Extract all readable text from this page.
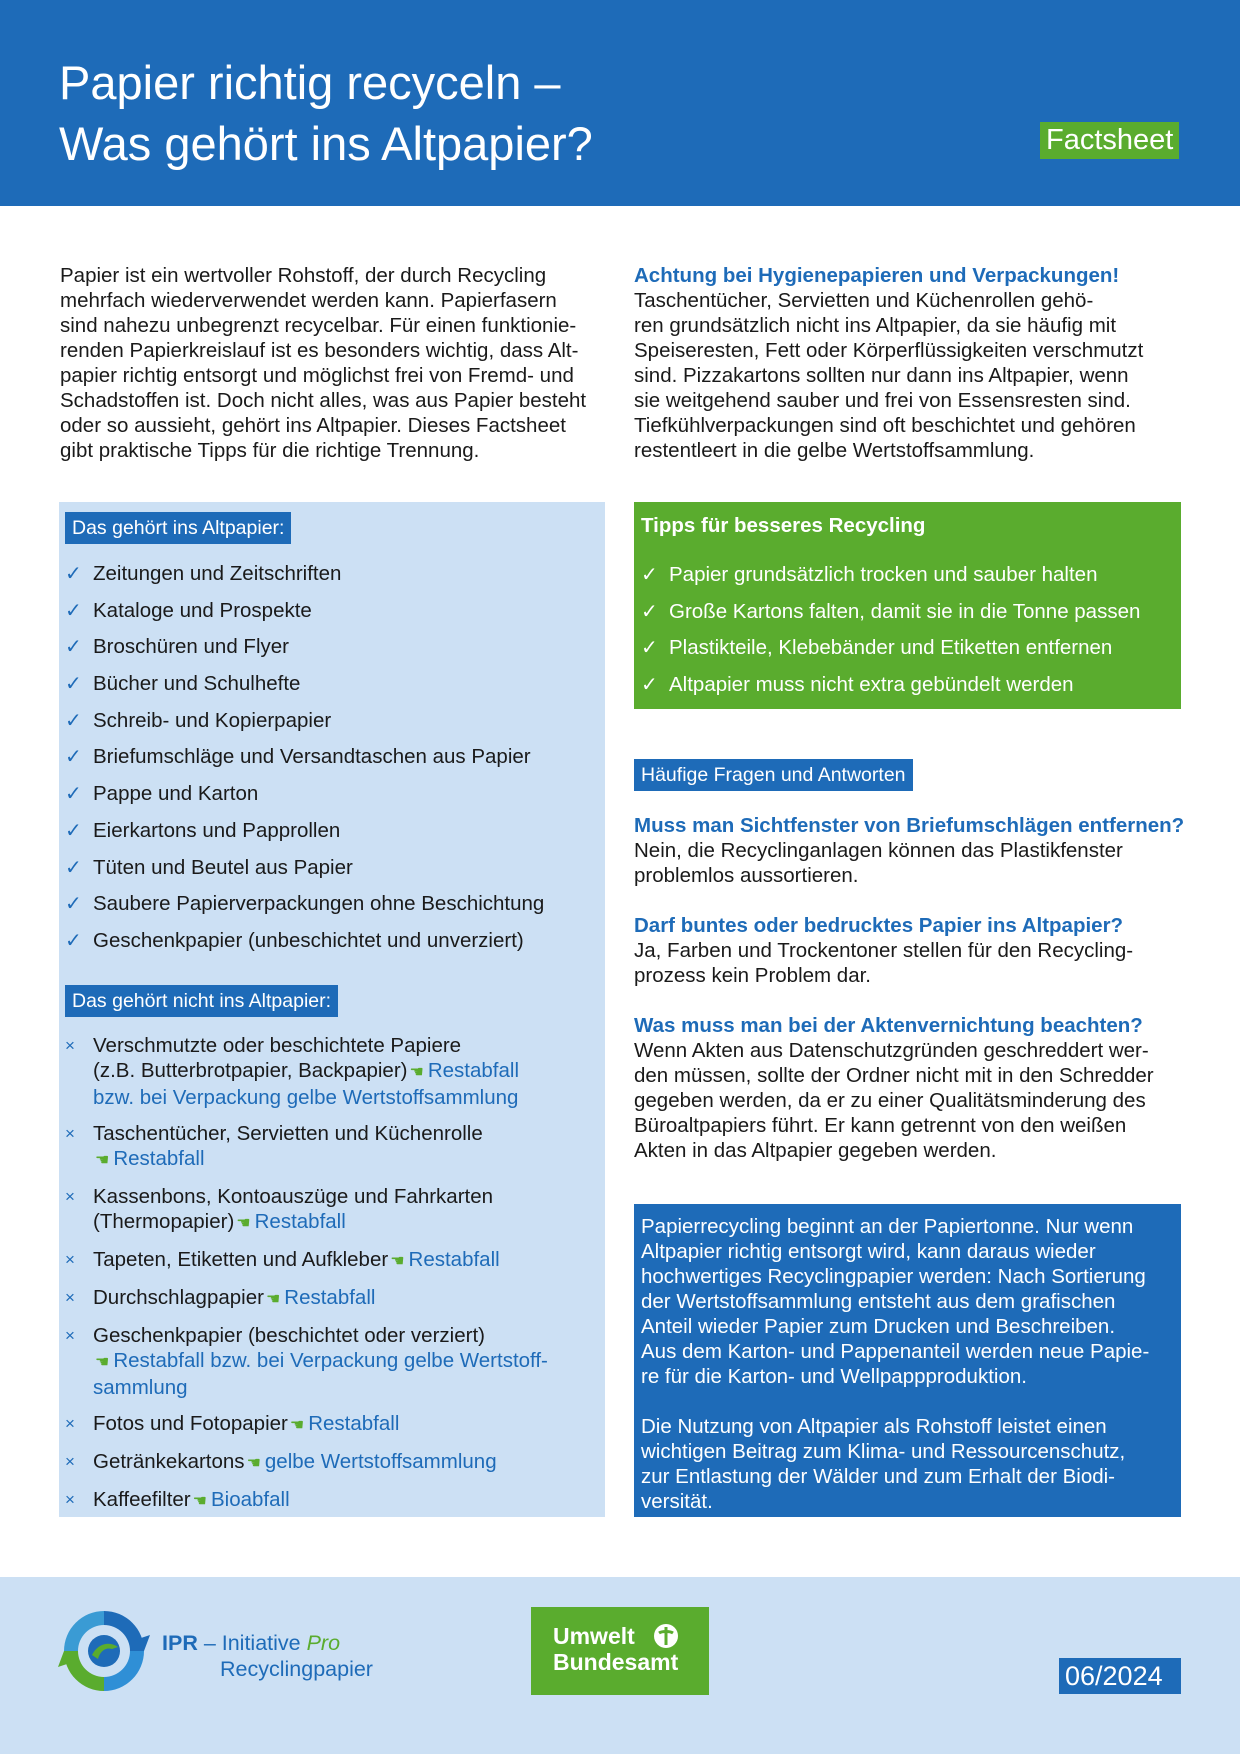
Papier richtig recyceln –
Was gehört ins Altpapier?	Factsheet

Papier ist ein wertvoller Rohstoff, der durch Recycling

mehrfach wiederverwendet werden kann. Papierfasern

sind nahezu unbegrenzt recycelbar. Für einen funktionie-

renden Papierkreislauf ist es besonders wichtig, dass Alt-

papier richtig entsorgt und möglichst frei von Fremd- und

Schadstoffen ist. Doch nicht alles, was aus Papier besteht

oder so aussieht, gehört ins Altpapier. Dieses Factsheet

gibt praktische Tipps für die richtige Trennung.

Achtung bei Hygienepapieren und Verpackungen!

Taschentücher, Servietten und Küchenrollen gehö-

ren grundsätzlich nicht ins Altpapier, da sie häufig mit

Speiseresten, Fett oder Körperflüssigkeiten verschmutzt

sind. Pizzakartons sollten nur dann ins Altpapier, wenn

sie weitgehend sauber und frei von Essensresten sind.

Tiefkühlverpackungen sind oft beschichtet und gehören

restentleert in die gelbe Wertstoffsammlung.

Das gehört ins Altpapier:
✓ Zeitungen und Zeitschriften
✓ Kataloge und Prospekte
✓ Broschüren und Flyer
✓ Bücher und Schulhefte
✓ Schreib- und Kopierpapier
✓ Briefumschläge und Versandtaschen aus Papier
✓ Pappe und Karton
✓ Eierkartons und Papprollen
✓ Tüten und Beutel aus Papier
✓ Saubere Papierverpackungen ohne Beschichtung
✓ Geschenkpapier (unbeschichtet und unverziert)
Das gehört nicht ins Altpapier:
× Verschmutzte oder beschichtete Papiere
(z.B. Butterbrotpapier, Backpapier) ☚ Restabfall
bzw. bei Verpackung gelbe Wertstoffsammlung
× Taschentücher, Servietten und Küchenrolle
☚ Restabfall
× Kassenbons, Kontoauszüge und Fahrkarten
(Thermopapier) ☚ Restabfall
× Tapeten, Etiketten und Aufkleber ☚ Restabfall
× Durchschlagpapier ☚ Restabfall
× Geschenkpapier (beschichtet oder verziert)
☚ Restabfall bzw. bei Verpackung gelbe Wertstoff-
sammlung
× Fotos und Fotopapier ☚ Restabfall
× Getränkekartons ☚ gelbe Wertstoffsammlung
× Kaffeefilter ☚ Bioabfall

Tipps für besseres Recycling

✓ Papier grundsätzlich trocken und sauber halten
✓ Große Kartons falten, damit sie in die Tonne passen
✓ Plastikteile, Klebebänder und Etiketten entfernen
✓ Altpapier muss nicht extra gebündelt werden
Häufige Fragen und Antworten

Muss man Sichtfenster von Briefumschlägen entfernen?

Nein, die Recyclinganlagen können das Plastikfenster

problemlos aussortieren.

Darf buntes oder bedrucktes Papier ins Altpapier?

Ja, Farben und Trockentoner stellen für den Recycling-

prozess kein Problem dar.

Was muss man bei der Aktenvernichtung beachten?

Wenn Akten aus Datenschutzgründen geschreddert wer-

den müssen, sollte der Ordner nicht mit in den Schredder

gegeben werden, da er zu einer Qualitätsminderung des

Büroaltpapiers führt. Er kann getrennt von den weißen

Akten in das Altpapier gegeben werden.

Papierrecycling beginnt an der Papiertonne. Nur wenn

Altpapier richtig entsorgt wird, kann daraus wieder

hochwertiges Recyclingpapier werden: Nach Sortierung

der Wertstoffsammlung entsteht aus dem grafischen

Anteil wieder Papier zum Drucken und Beschreiben.

Aus dem Karton- und Pappenanteil werden neue Papie-

re für die Karton- und Wellpappproduktion.

Die Nutzung von Altpapier als Rohstoff leistet einen

wichtigen Beitrag zum Klima- und Ressourcenschutz,

zur Entlastung der Wälder und zum Erhalt der Biodi-

versität.

IPR – Initiative Pro
Recyclingpapier
Umwelt
Bundesamt	06/2024
